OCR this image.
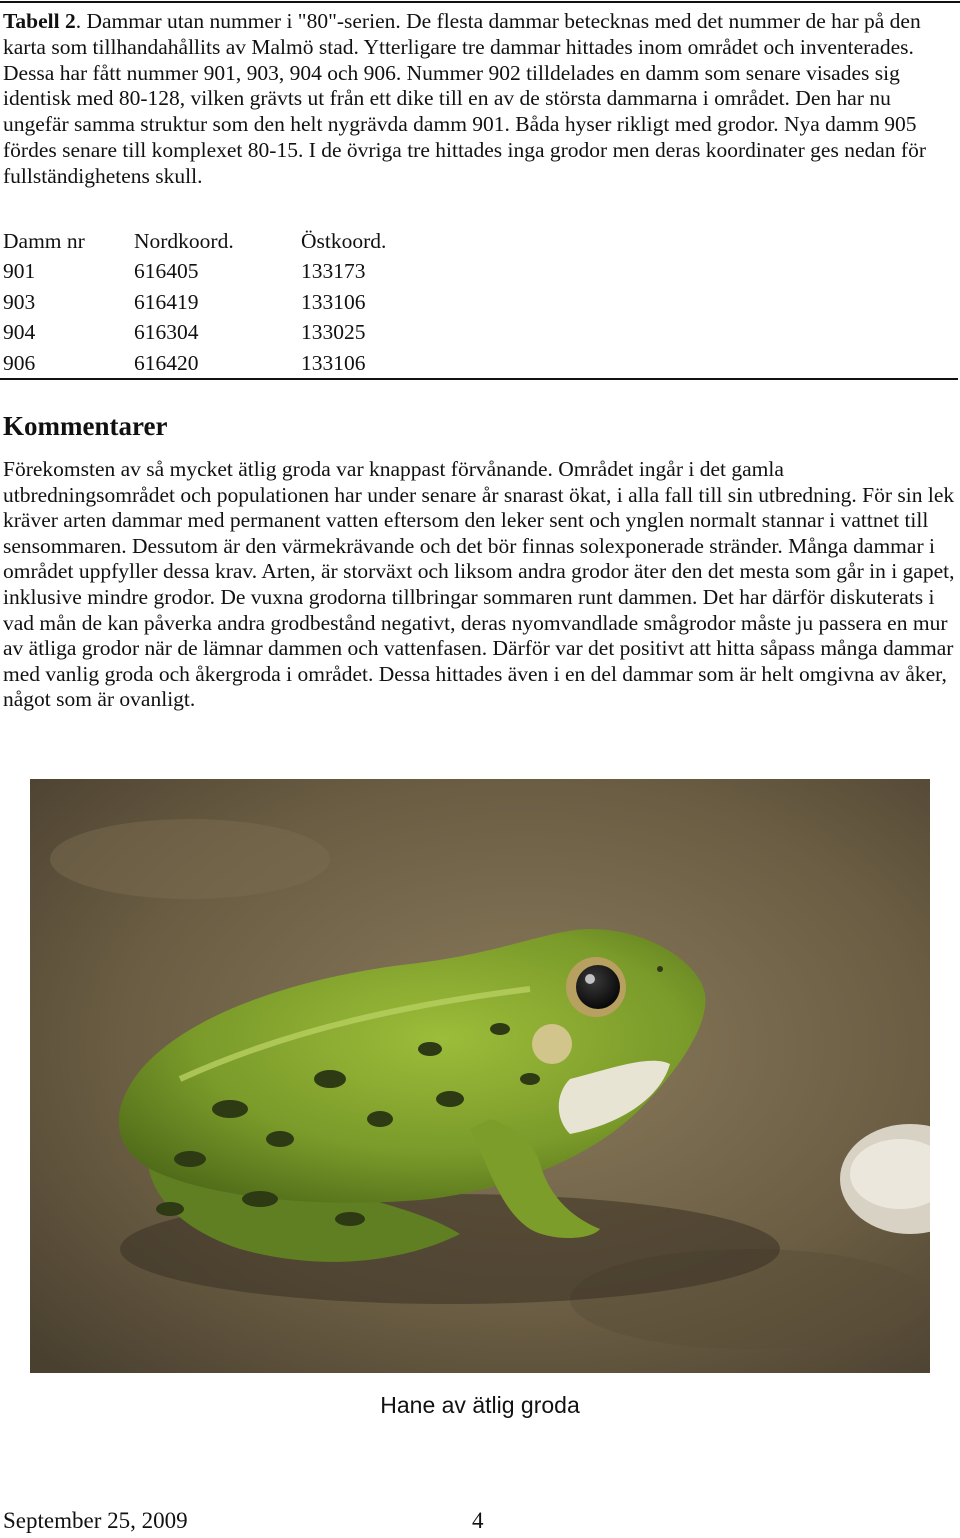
Tabell 2. Dammar utan nummer i "80"-serien. De flesta dammar betecknas med det nummer de har på den karta som tillhandahållits av Malmö stad. Ytterligare tre dammar hittades inom området och inventerades. Dessa har fått nummer 901, 903, 904 och 906. Nummer 902 tilldelades en damm som senare visades sig identisk med 80-128, vilken grävts ut från ett dike till en av de största dammarna i området. Den har nu ungefär samma struktur som den helt nygrävda damm 901. Båda hyser rikligt med grodor. Nya damm 905 fördes senare till komplexet 80-15. I de övriga tre hittades inga grodor men deras koordinater ges nedan för fullständighetens skull.

Damm nr	Nordkoord.	Östkoord.
901	616405	133173
903	616419	133106
904	616304	133025
906	616420	133106
Kommentarer

Förekomsten av så mycket ätlig groda var knappast förvånande. Området ingår i det gamla utbredningsområdet och populationen har under senare år snarast ökat, i alla fall till sin utbredning. För sin lek kräver arten dammar med permanent vatten eftersom den leker sent och ynglen normalt stannar i vattnet till sensommaren. Dessutom är den värmekrävande och det bör finnas solexponerade stränder. Många dammar i området uppfyller dessa krav. Arten, är storväxt och liksom andra grodor äter den det mesta som går in i gapet, inklusive mindre grodor. De vuxna grodorna tillbringar sommaren runt dammen. Det har därför diskuterats i vad mån de kan påverka andra grodbestånd negativt, deras nyomvandlade smågrodor måste ju passera en mur av ätliga grodor när de lämnar dammen och vattenfasen. Därför var det positivt att hitta såpass många dammar med vanlig groda och åkergroda i området. Dessa hittades även i en del dammar som är helt omgivna av åker, något som är ovanligt.

Hane av ätlig groda
September 25, 2009	4
